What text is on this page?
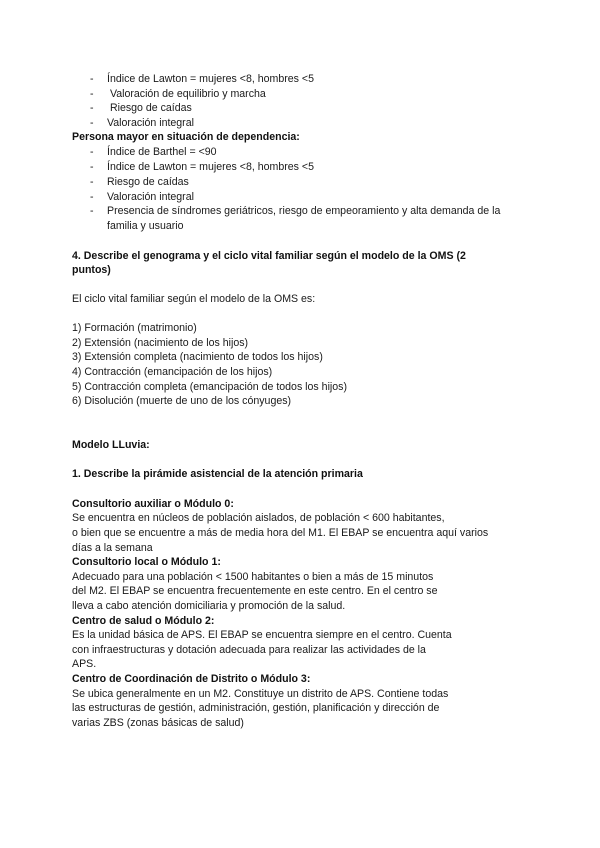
- Índice de Lawton = mujeres <8, hombres <5
- Valoración de equilibrio y marcha
- Riesgo de caídas
- Valoración integral
Persona mayor en situación de dependencia:
- Índice de Barthel = <90
- Índice de Lawton = mujeres <8, hombres <5
- Riesgo de caídas
- Valoración integral
- Presencia de síndromes geriátricos, riesgo de empeoramiento y alta demanda de la
familia y usuario
4. Describe el genograma y el ciclo vital familiar según el modelo de la OMS (2
puntos)
El ciclo vital familiar según el modelo de la OMS es:
1) Formación (matrimonio)
2) Extensión (nacimiento de los hijos)
3) Extensión completa (nacimiento de todos los hijos)
4) Contracción (emancipación de los hijos)
5) Contracción completa (emancipación de todos los hijos)
6) Disolución (muerte de uno de los cónyuges)
Modelo LLuvia:
1. Describe la pirámide asistencial de la atención primaria
Consultorio auxiliar o Módulo 0:
Se encuentra en núcleos de población aislados, de población < 600 habitantes,
o bien que se encuentre a más de media hora del M1. El EBAP se encuentra aquí varios
días a la semana
Consultorio local o Módulo 1:
Adecuado para una población < 1500 habitantes o bien a más de 15 minutos
del M2. El EBAP se encuentra frecuentemente en este centro. En el centro se
lleva a cabo atención domiciliaria y promoción de la salud.
Centro de salud o Módulo 2:
Es la unidad básica de APS. El EBAP se encuentra siempre en el centro. Cuenta
con infraestructuras y dotación adecuada para realizar las actividades de la
APS.
Centro de Coordinación de Distrito o Módulo 3:
Se ubica generalmente en un M2. Constituye un distrito de APS. Contiene todas
las estructuras de gestión, administración, gestión, planificación y dirección de
varias ZBS (zonas básicas de salud)
